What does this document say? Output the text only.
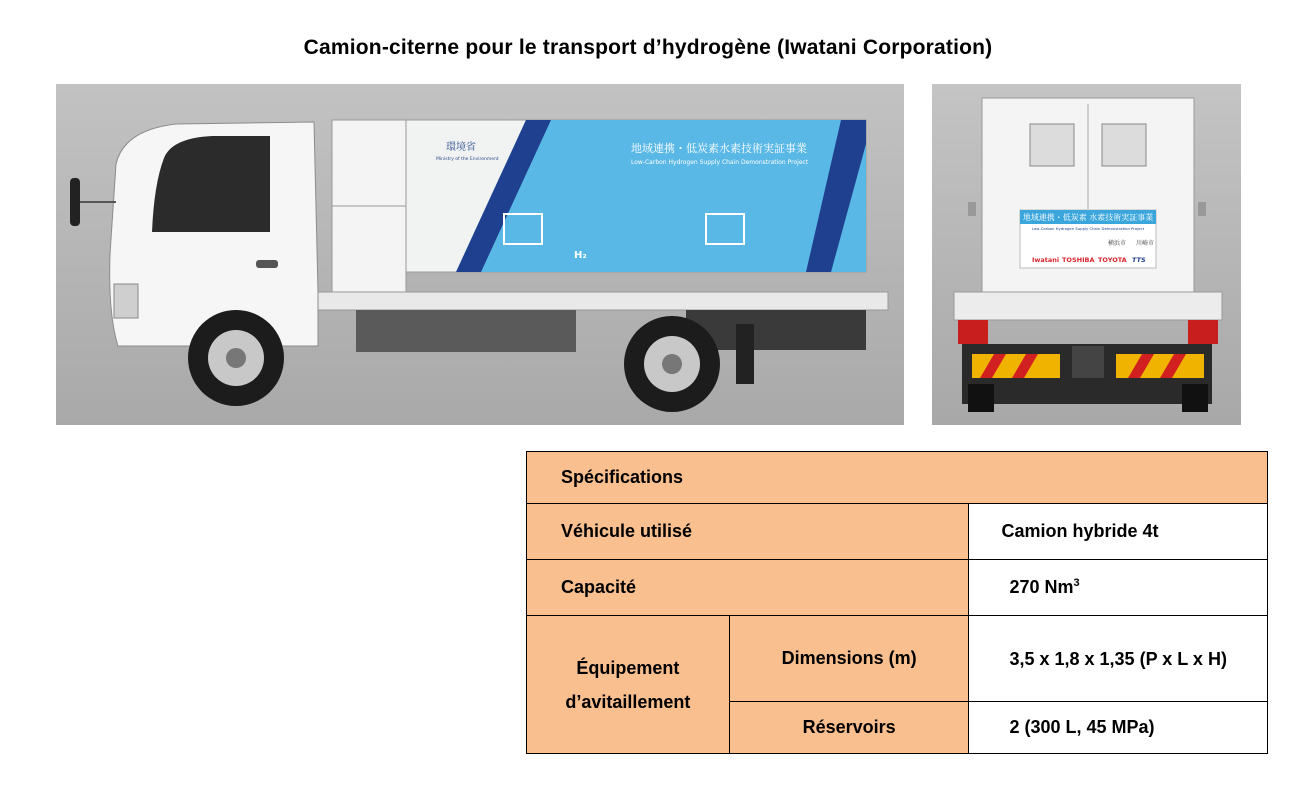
Camion-citerne pour le transport d’hydrogène (Iwatani Corporation)
地域連携・低炭素水素技術実証事業
Low-Carbon Hydrogen Supply Chain Demonstration Project
環境省
Ministry of the Environment
H₂
地域連携・低炭素 水素技術実証事業
Low-Carbon Hydrogen Supply Chain Demonstration Project
横浜市 川崎市
Iwatani TOSHIBA TOYOTA TTS
Spécifications		
Véhicule utilisé		Camion hybride 4t
Capacité		270 Nm$^3$
Équipement d’avitaillement	Dimensions (m)	3,5 x 1,8 x 1,35 (P x L x H)
	Réservoirs	2 (300 L, 45 MPa)
